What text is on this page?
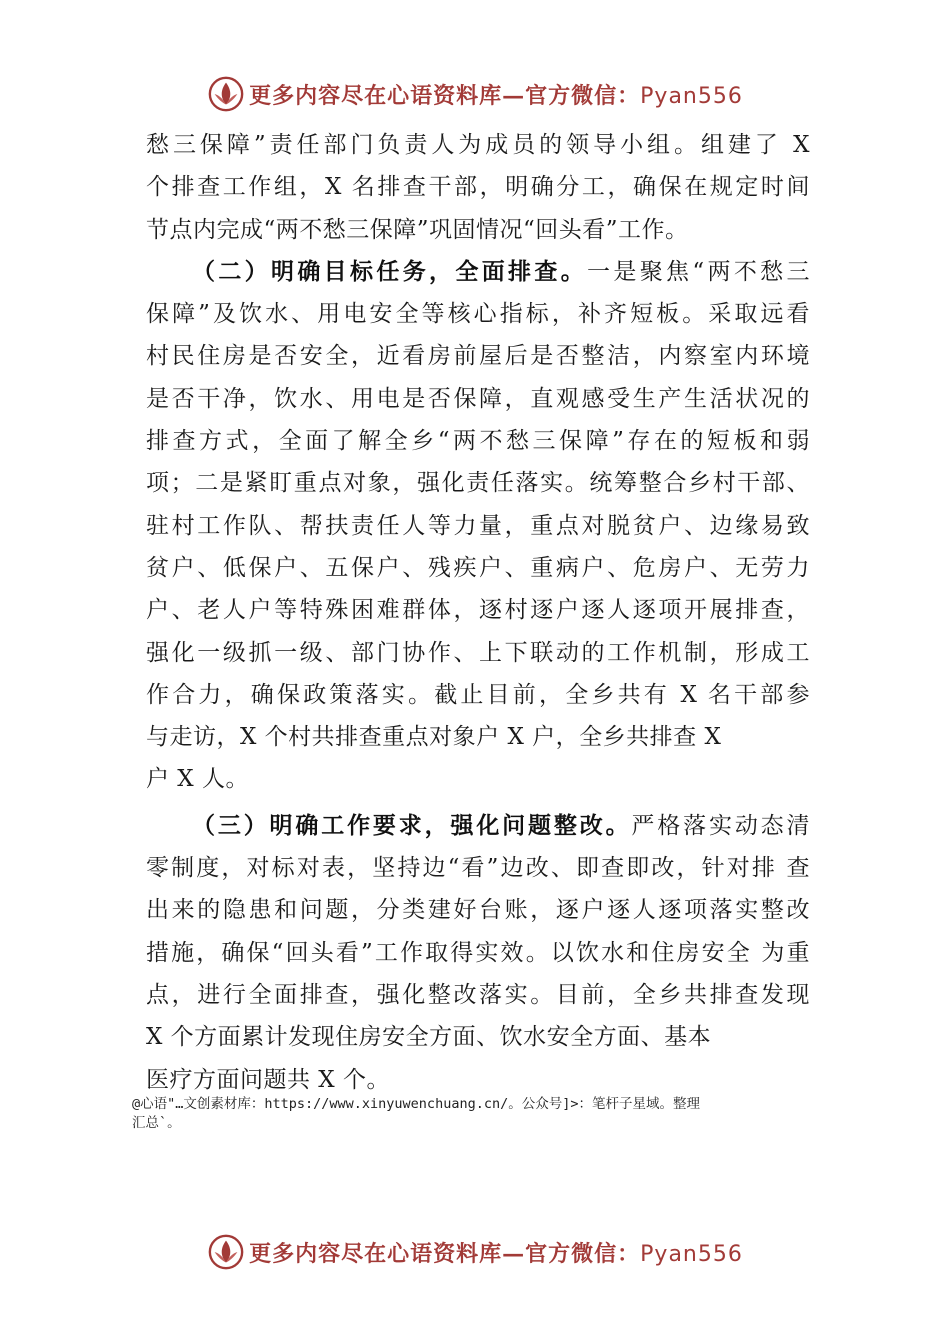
更多内容尽在心语资料库—官方微信：Pyan556
愁三保障”责任部门负责人为成员的领导小组。组建了 X
个排查工作组，X 名排查干部，明确分工，确保在规定时间
节点内完成“两不愁三保障”巩固情况“回头看”工作。
（二）明确目标任务，全面排查。一是聚焦“两不愁三
保障”及饮水、用电安全等核心指标，补齐短板。采取远看
村民住房是否安全，近看房前屋后是否整洁，内察室内环境
是否干净，饮水、用电是否保障，直观感受生产生活状况的
排查方式，全面了解全乡“两不愁三保障”存在的短板和弱
项；二是紧盯重点对象，强化责任落实。统筹整合乡村干部、
驻村工作队、帮扶责任人等力量，重点对脱贫户、边缘易致
贫户、低保户、五保户、残疾户、重病户、危房户、无劳力
户、老人户等特殊困难群体，逐村逐户逐人逐项开展排查，
强化一级抓一级、部门协作、上下联动的工作机制，形成工
作合力，确保政策落实。截止目前，全乡共有 X 名干部参
与走访，X 个村共排查重点对象户 X 户，全乡共排查 X
户 X 人。
（三）明确工作要求，强化问题整改。严格落实动态清
零制度，对标对表，坚持边“看”边改、即查即改，针对排 查
出来的隐患和问题，分类建好台账，逐户逐人逐项落实整改
措施，确保“回头看”工作取得实效。以饮水和住房安全 为重
点，进行全面排查，强化整改落实。目前，全乡共排查发现
X 个方面累计发现住房安全方面、饮水安全方面、基本
医疗方面问题共 X 个。
@心语"…文创素材库：https://www.xinyuwenchuang.cn/。公众号]>：笔杆子星域。整理
汇总`。
更多内容尽在心语资料库—官方微信：Pyan556
